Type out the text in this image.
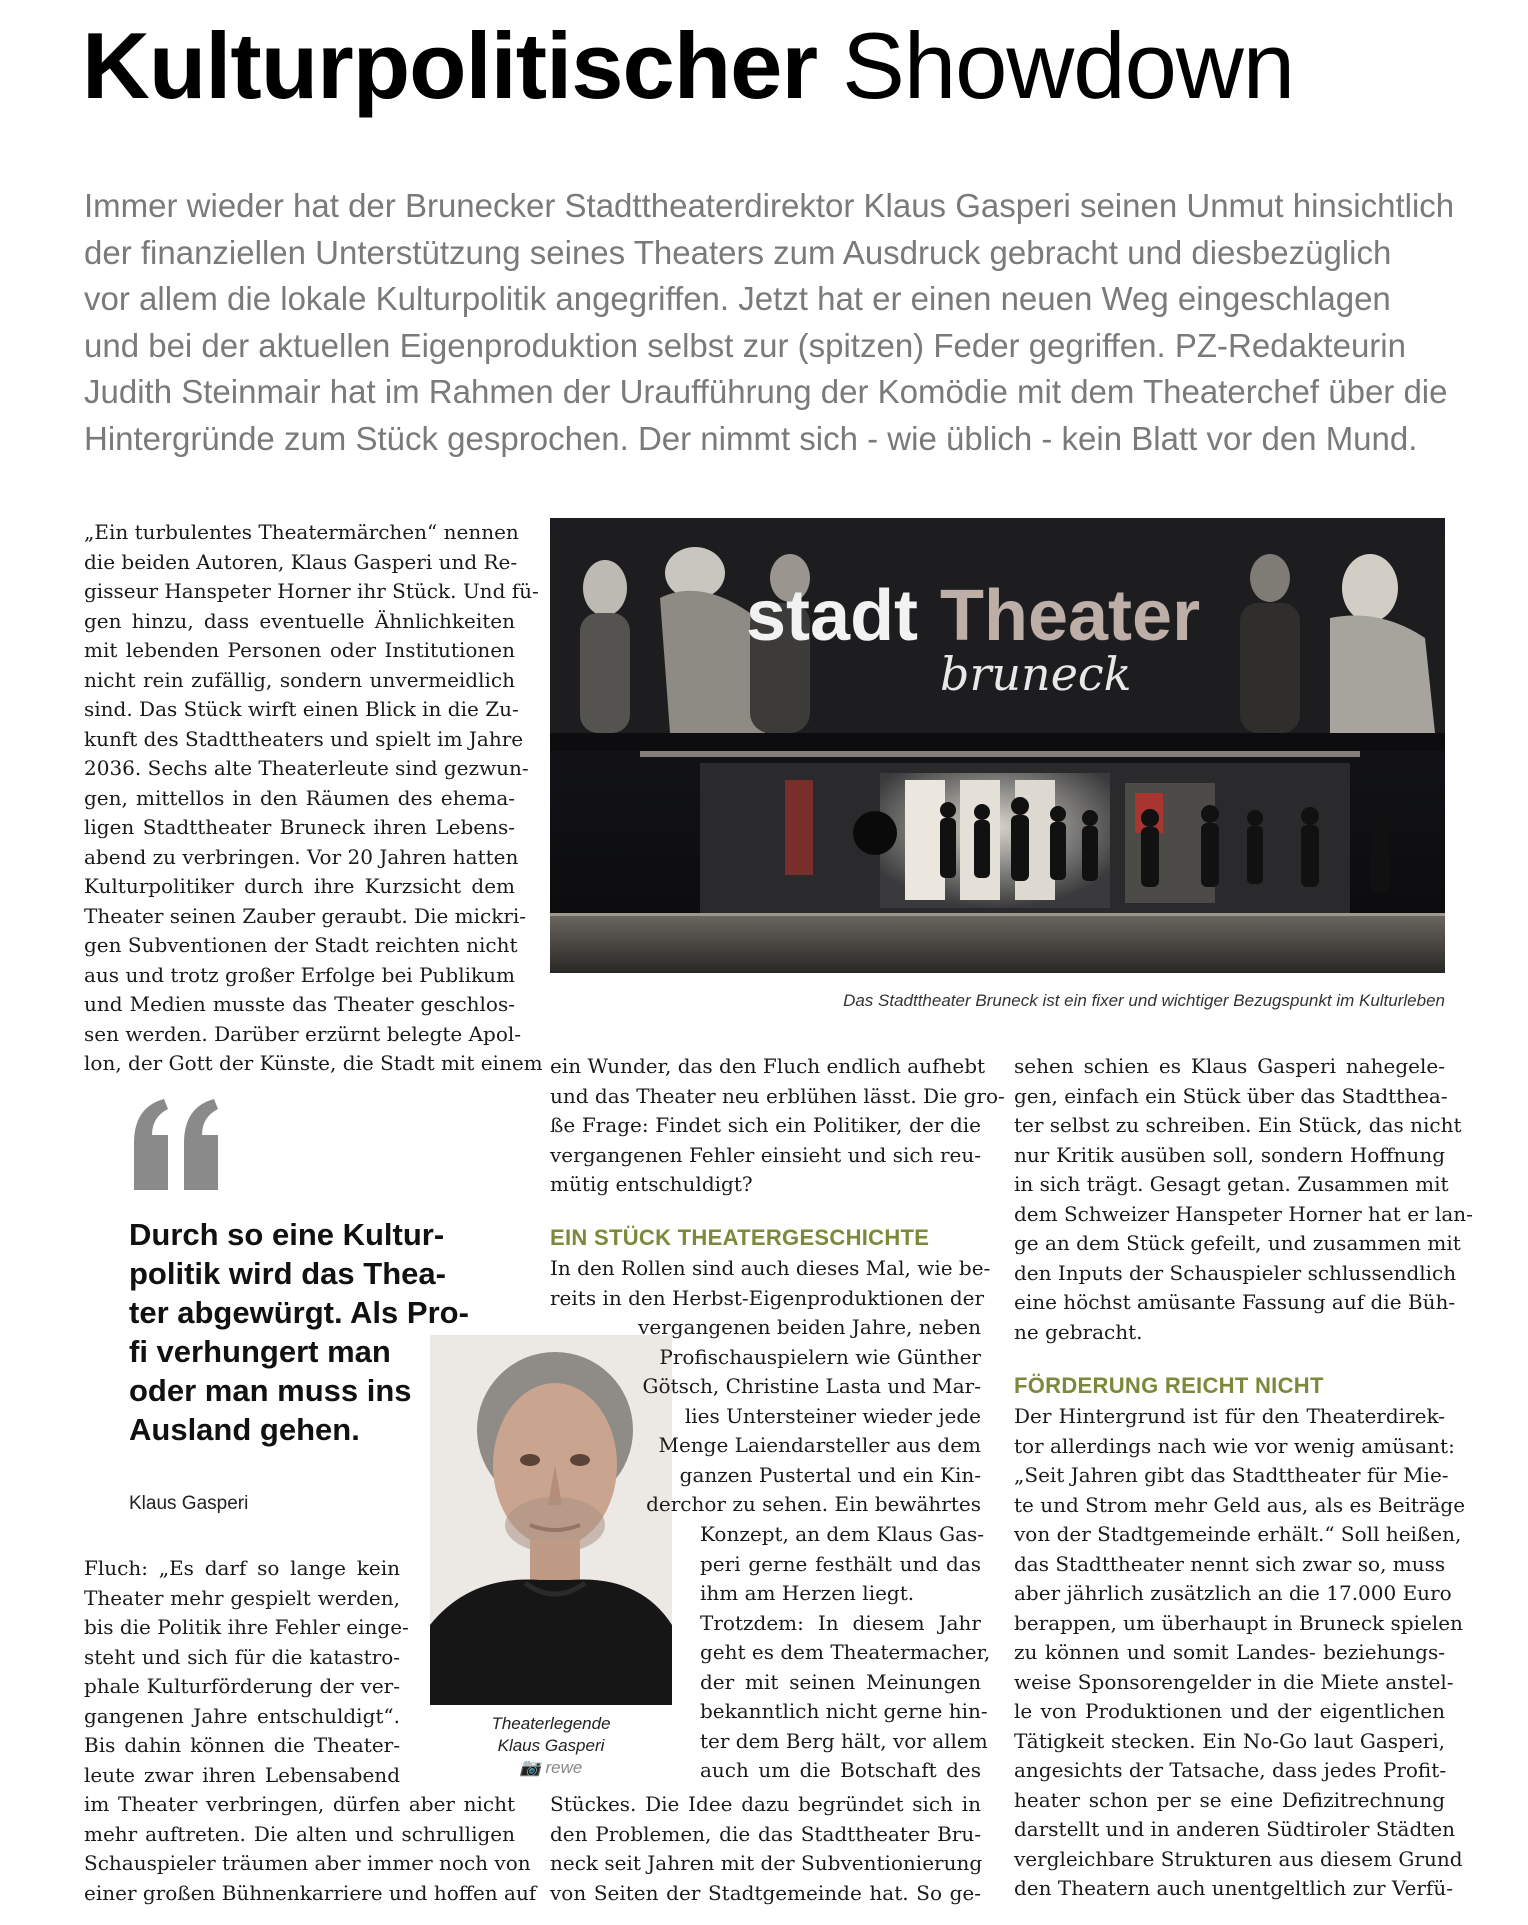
Kulturpolitischer Showdown
Immer wieder hat der Brunecker Stadttheaterdirektor Klaus Gasperi seinen Unmut hinsichtlich
der finanziellen Unterstützung seines Theaters zum Ausdruck gebracht und diesbezüglich
vor allem die lokale Kulturpolitik angegriffen. Jetzt hat er einen neuen Weg eingeschlagen
und bei der aktuellen Eigenproduktion selbst zur (spitzen) Feder gegriffen. PZ-Redakteurin
Judith Steinmair hat im Rahmen der Uraufführung der Komödie mit dem Theaterchef über die
Hintergründe zum Stück gesprochen. Der nimmt sich - wie üblich - kein Blatt vor den Mund.
stadt Theater
bruneck

Das Stadttheater Bruneck ist ein fixer und wichtiger Bezugspunkt im Kulturleben

„Ein turbulentes Theatermärchen“ nennen
die beiden Autoren, Klaus Gasperi und Re-
gisseur Hanspeter Horner ihr Stück. Und fü-
gen hinzu, dass eventuelle Ähnlichkeiten
mit lebenden Personen oder Institutionen
nicht rein zufällig, sondern unvermeidlich
sind. Das Stück wirft einen Blick in die Zu-
kunft des Stadttheaters und spielt im Jahre
2036. Sechs alte Theaterleute sind gezwun-
gen, mittellos in den Räumen des ehema-
ligen Stadttheater Bruneck ihren Lebens-
abend zu verbringen. Vor 20 Jahren hatten
Kulturpolitiker durch ihre Kurzsicht dem
Theater seinen Zauber geraubt. Die mickri-
gen Subventionen der Stadt reichten nicht
aus und trotz großer Erfolge bei Publikum
und Medien musste das Theater geschlos-
sen werden. Darüber erzürnt belegte Apol-
lon, der Gott der Künste, die Stadt mit einem
Durch so eine Kultur-
politik wird das Thea-
ter abgewürgt. Als Pro-
fi verhungert man
oder man muss ins
Ausland gehen.

Klaus Gasperi

Theaterlegende
Klaus Gasperi
📷 rewe
Fluch: „Es darf so lange kein
Theater mehr gespielt werden,
bis die Politik ihre Fehler einge-
steht und sich für die katastro-
phale Kulturförderung der ver-
gangenen Jahre entschuldigt“.
Bis dahin können die Theater-
leute zwar ihren Lebensabend
im Theater verbringen, dürfen aber nicht
mehr auftreten. Die alten und schrulligen
Schauspieler träumen aber immer noch von
einer großen Bühnenkarriere und hoffen auf
ein Wunder, das den Fluch endlich aufhebt
und das Theater neu erblühen lässt. Die gro-
ße Frage: Findet sich ein Politiker, der die
vergangenen Fehler einsieht und sich reu-
mütig entschuldigt?

EIN STÜCK THEATERGESCHICHTE

In den Rollen sind auch dieses Mal, wie be-
reits in den Herbst-Eigenproduktionen der
vergangenen beiden Jahre, neben
Profischauspielern wie Günther
Götsch, Christine Lasta und Mar-
lies Untersteiner wieder jede
Menge Laiendarsteller aus dem
ganzen Pustertal und ein Kin-
derchor zu sehen. Ein bewährtes
Konzept, an dem Klaus Gas-
peri gerne festhält und das
ihm am Herzen liegt.
Trotzdem: In diesem Jahr
geht es dem Theatermacher,
der mit seinen Meinungen
bekanntlich nicht gerne hin-
ter dem Berg hält, vor allem
auch um die Botschaft des
Stückes. Die Idee dazu begründet sich in
den Problemen, die das Stadttheater Bru-
neck seit Jahren mit der Subventionierung
von Seiten der Stadtgemeinde hat. So ge-
sehen schien es Klaus Gasperi nahegele-
gen, einfach ein Stück über das Stadtthea-
ter selbst zu schreiben. Ein Stück, das nicht
nur Kritik ausüben soll, sondern Hoffnung
in sich trägt. Gesagt getan. Zusammen mit
dem Schweizer Hanspeter Horner hat er lan-
ge an dem Stück gefeilt, und zusammen mit
den Inputs der Schauspieler schlussendlich
eine höchst amüsante Fassung auf die Büh-
ne gebracht.

FÖRDERUNG REICHT NICHT

Der Hintergrund ist für den Theaterdirek-
tor allerdings nach wie vor wenig amüsant:
„Seit Jahren gibt das Stadttheater für Mie-
te und Strom mehr Geld aus, als es Beiträge
von der Stadtgemeinde erhält.“ Soll heißen,
das Stadttheater nennt sich zwar so, muss
aber jährlich zusätzlich an die 17.000 Euro
berappen, um überhaupt in Bruneck spielen
zu können und somit Landes- beziehungs-
weise Sponsorengelder in die Miete anstel-
le von Produktionen und der eigentlichen
Tätigkeit stecken. Ein No-Go laut Gasperi,
angesichts der Tatsache, dass jedes Profit-
heater schon per se eine Defizitrechnung
darstellt und in anderen Südtiroler Städten
vergleichbare Strukturen aus diesem Grund
den Theatern auch unentgeltlich zur Verfü-
